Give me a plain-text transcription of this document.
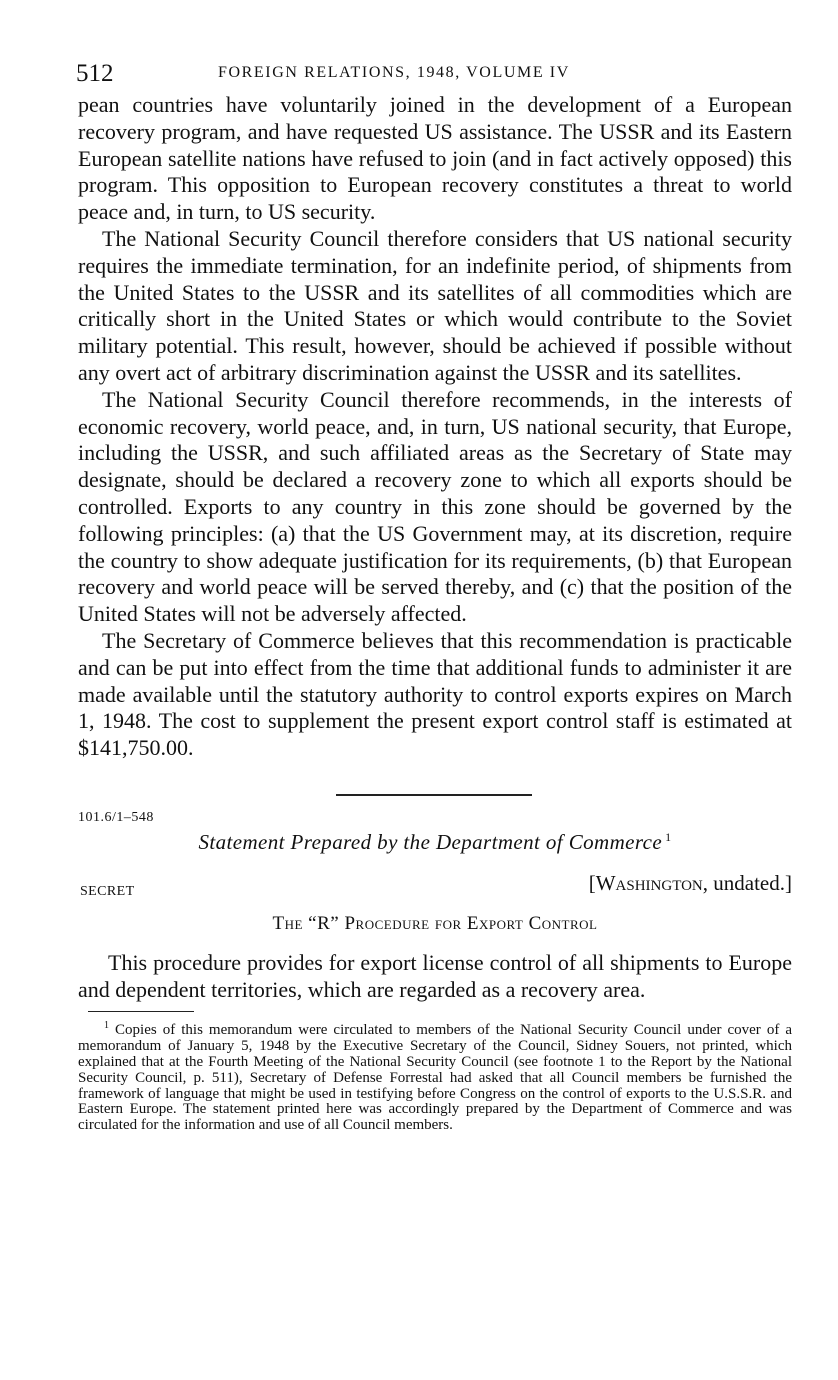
512	FOREIGN RELATIONS, 1948, VOLUME IV

pean countries have voluntarily joined in the development of a European recovery program, and have requested US assistance. The USSR and its Eastern European satellite nations have refused to join (and in fact actively opposed) this program. This opposition to European recovery constitutes a threat to world peace and, in turn, to US security.

The National Security Council therefore considers that US national security requires the immediate termination, for an indefinite period, of shipments from the United States to the USSR and its satellites of all commodities which are critically short in the United States or which would contribute to the Soviet military potential. This result, however, should be achieved if possible without any overt act of arbitrary discrimination against the USSR and its satellites.

The National Security Council therefore recommends, in the interests of economic recovery, world peace, and, in turn, US national security, that Europe, including the USSR, and such affiliated areas as the Secretary of State may designate, should be declared a recovery zone to which all exports should be controlled. Exports to any country in this zone should be governed by the following principles: (a) that the US Government may, at its discretion, require the country to show adequate justification for its requirements, (b) that European recovery and world peace will be served thereby, and (c) that the position of the United States will not be adversely affected.

The Secretary of Commerce believes that this recommendation is practicable and can be put into effect from the time that additional funds to administer it are made available until the statutory authority to control exports expires on March 1, 1948. The cost to supplement the present export control staff is estimated at $141,750.00.

101.6/1–548
Statement Prepared by the Department of Commerce $^1$
SECRET	[Washington, undated.]
The “R” Procedure for Export Control

This procedure provides for export license control of all shipments to Europe and dependent territories, which are regarded as a recovery area.

$^1$ Copies of this memorandum were circulated to members of the National Security Council under cover of a memorandum of January 5, 1948 by the Executive Secretary of the Council, Sidney Souers, not printed, which explained that at the Fourth Meeting of the National Security Council (see footnote 1 to the Report by the National Security Council, p. 511), Secretary of Defense Forrestal had asked that all Council members be furnished the framework of language that might be used in testifying before Congress on the control of exports to the U.S.S.R. and Eastern Europe. The statement printed here was accordingly prepared by the Department of Commerce and was circulated for the information and use of all Council members.
